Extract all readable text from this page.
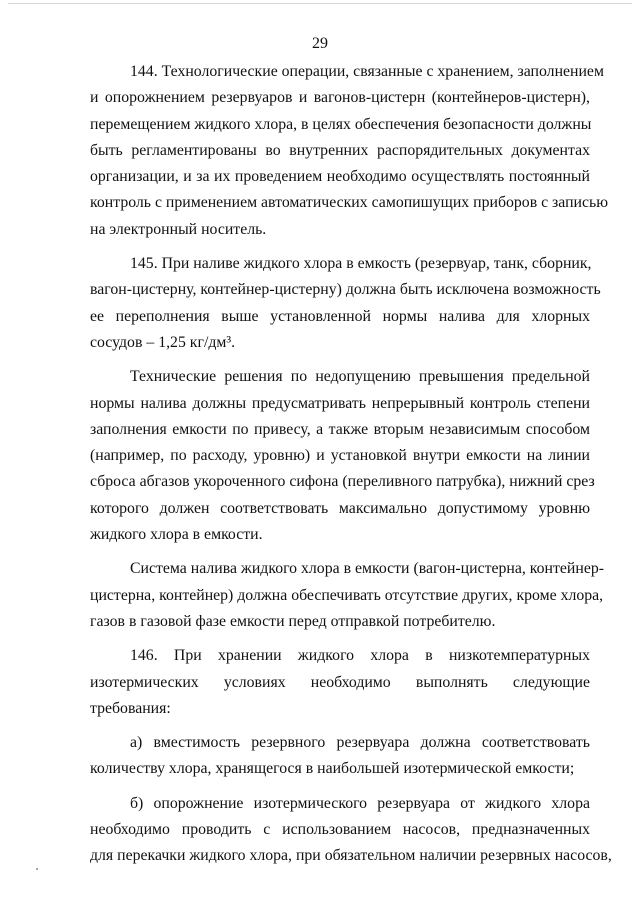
29
144. Технологические операции, связанные с хранением, заполнением
и опорожнением резервуаров и вагонов-цистерн (контейнеров-цистерн),
перемещением жидкого хлора, в целях обеспечения безопасности должны
быть регламентированы во внутренних распорядительных документах
организации, и за их проведением необходимо осуществлять постоянный
контроль с применением автоматических самопишущих приборов с записью
на электронный носитель.
145. При наливе жидкого хлора в емкость (резервуар, танк, сборник,
вагон-цистерну, контейнер-цистерну) должна быть исключена возможность
ее переполнения выше установленной нормы налива для хлорных
сосудов – 1,25 кг/дм³.
Технические решения по недопущению превышения предельной
нормы налива должны предусматривать непрерывный контроль степени
заполнения емкости по привесу, а также вторым независимым способом
(например, по расходу, уровню) и установкой внутри емкости на линии
сброса абгазов укороченного сифона (переливного патрубка), нижний срез
которого должен соответствовать максимально допустимому уровню
жидкого хлора в емкости.
Система налива жидкого хлора в емкости (вагон-цистерна, контейнер-
цистерна, контейнер) должна обеспечивать отсутствие других, кроме хлора,
газов в газовой фазе емкости перед отправкой потребителю.
146. При хранении жидкого хлора в низкотемпературных
изотермических условиях необходимо выполнять следующие
требования:
а) вместимость резервного резервуара должна соответствовать
количеству хлора, хранящегося в наибольшей изотермической емкости;
б) опорожнение изотермического резервуара от жидкого хлора
необходимо проводить с использованием насосов, предназначенных
для перекачки жидкого хлора, при обязательном наличии резервных насосов,
